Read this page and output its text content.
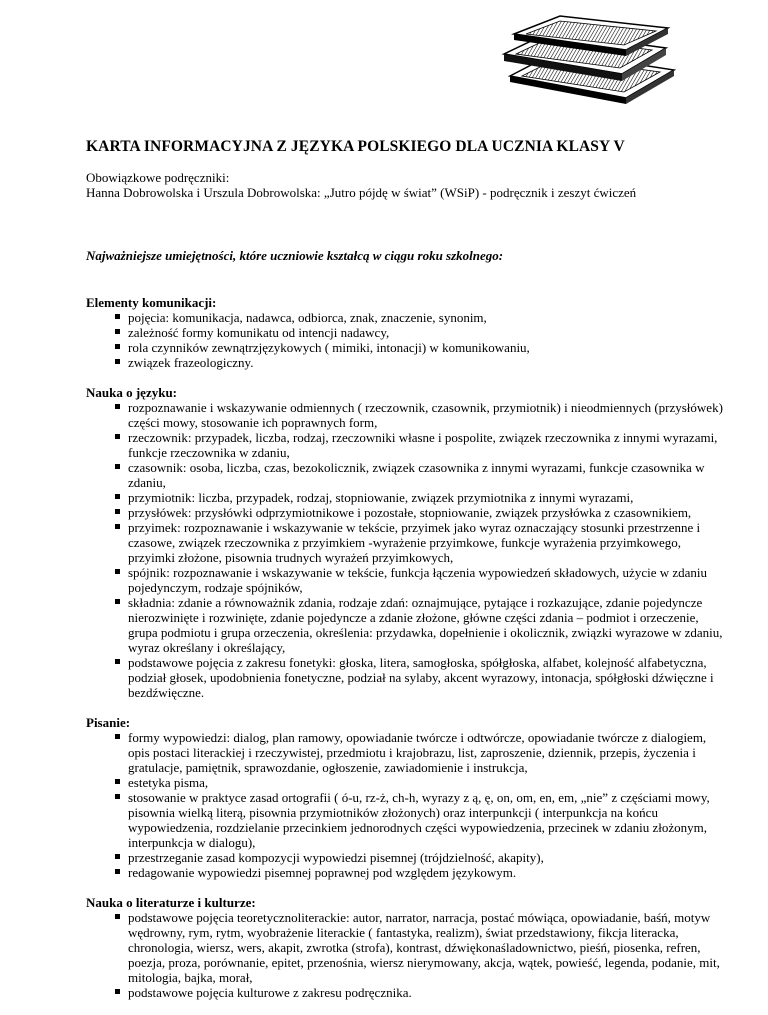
KARTA INFORMACYJNA Z JĘZYKA POLSKIEGO DLA UCZNIA KLASY V

Obowiązkowe podręczniki:

Hanna Dobrowolska i Urszula Dobrowolska: „Jutro pójdę w świat” (WSiP) - podręcznik i zeszyt ćwiczeń

Najważniejsze umiejętności, które uczniowie kształcą w ciągu roku szkolnego:

Elementy komunikacji:
pojęcia: komunikacja, nadawca, odbiorca, znak, znaczenie, synonim,
zależność formy komunikatu od intencji nadawcy,
rola czynników zewnątrzjęzykowych ( mimiki, intonacji) w komunikowaniu,
związek frazeologiczny.
Nauka o języku:
rozpoznawanie i wskazywanie odmiennych ( rzeczownik, czasownik, przymiotnik) i nieodmiennych (przysłówek) części mowy, stosowanie ich poprawnych form,
rzeczownik: przypadek, liczba, rodzaj, rzeczowniki własne i pospolite, związek rzeczownika z innymi wyrazami, funkcje rzeczownika w zdaniu,
czasownik: osoba, liczba, czas, bezokolicznik, związek czasownika z innymi wyrazami, funkcje czasownika w zdaniu,
przymiotnik: liczba, przypadek, rodzaj, stopniowanie, związek przymiotnika z innymi wyrazami,
przysłówek: przysłówki odprzymiotnikowe i pozostałe, stopniowanie, związek przysłówka z czasownikiem,
przyimek: rozpoznawanie i wskazywanie w tekście, przyimek jako wyraz oznaczający stosunki przestrzenne i czasowe, związek rzeczownika z przyimkiem -wyrażenie przyimkowe, funkcje wyrażenia przyimkowego, przyimki złożone, pisownia trudnych wyrażeń przyimkowych,
spójnik: rozpoznawanie i wskazywanie w tekście, funkcja łączenia wypowiedzeń składowych, użycie w zdaniu pojedynczym, rodzaje spójników,
składnia: zdanie a równoważnik zdania, rodzaje zdań: oznajmujące, pytające i rozkazujące, zdanie pojedyncze nierozwinięte i rozwinięte, zdanie pojedyncze a zdanie złożone, główne części zdania – podmiot i orzeczenie, grupa podmiotu i grupa orzeczenia, określenia: przydawka, dopełnienie i okolicznik, związki wyrazowe w zdaniu, wyraz określany i określający,
podstawowe pojęcia z zakresu fonetyki: głoska, litera, samogłoska, spółgłoska, alfabet, kolejność alfabetyczna, podział głosek, upodobnienia fonetyczne, podział na sylaby, akcent wyrazowy, intonacja, spółgłoski dźwięczne i bezdźwięczne.
Pisanie:
formy wypowiedzi: dialog, plan ramowy, opowiadanie twórcze i odtwórcze, opowiadanie twórcze z dialogiem, opis postaci literackiej i rzeczywistej, przedmiotu i krajobrazu, list, zaproszenie, dziennik, przepis, życzenia i gratulacje, pamiętnik, sprawozdanie, ogłoszenie, zawiadomienie i instrukcja,
estetyka pisma,
stosowanie w praktyce zasad ortografii ( ó-u, rz-ż, ch-h, wyrazy z ą, ę, on, om, en, em, „nie” z częściami mowy, pisownia wielką literą, pisownia przymiotników złożonych) oraz interpunkcji ( interpunkcja na końcu wypowiedzenia, rozdzielanie przecinkiem jednorodnych części wypowiedzenia, przecinek w zdaniu złożonym, interpunkcja w dialogu),
przestrzeganie zasad kompozycji wypowiedzi pisemnej (trójdzielność, akapity),
redagowanie wypowiedzi pisemnej poprawnej pod względem językowym.
Nauka o literaturze i kulturze:
podstawowe pojęcia teoretycznoliterackie: autor, narrator, narracja, postać mówiąca, opowiadanie, baśń, motyw wędrowny, rym, rytm, wyobrażenie literackie ( fantastyka, realizm), świat przedstawiony, fikcja literacka, chronologia, wiersz, wers, akapit, zwrotka (strofa), kontrast, dźwiękonaśladownictwo, pieśń, piosenka, refren, poezja, proza, porównanie, epitet, przenośnia, wiersz nierymowany, akcja, wątek, powieść, legenda, podanie, mit, mitologia, bajka, morał,
podstawowe pojęcia kulturowe z zakresu podręcznika.
